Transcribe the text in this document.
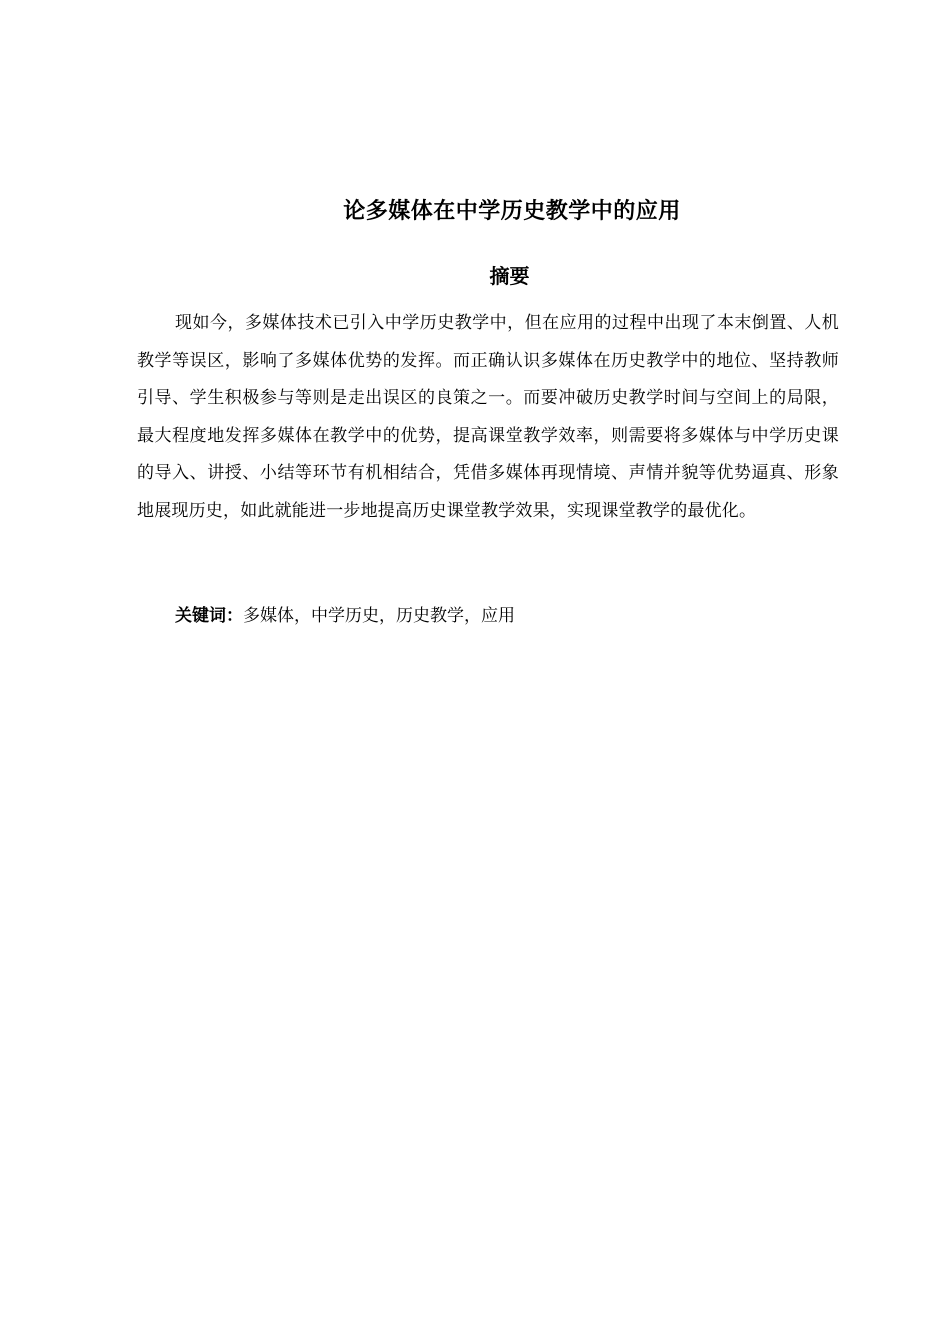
论多媒体在中学历史教学中的应用
摘要

现如今，多媒体技术已引入中学历史教学中，但在应用的过程中出现了本末倒置、人机教学等误区，影响了多媒体优势的发挥。而正确认识多媒体在历史教学中的地位、坚持教师引导、学生积极参与等则是走出误区的良策之一。而要冲破历史教学时间与空间上的局限，最大程度地发挥多媒体在教学中的优势，提高课堂教学效率，则需要将多媒体与中学历史课的导入、讲授、小结等环节有机相结合，凭借多媒体再现情境、声情并貌等优势逼真、形象地展现历史，如此就能进一步地提高历史课堂教学效果，实现课堂教学的最优化。

关键词：多媒体，中学历史，历史教学，应用
